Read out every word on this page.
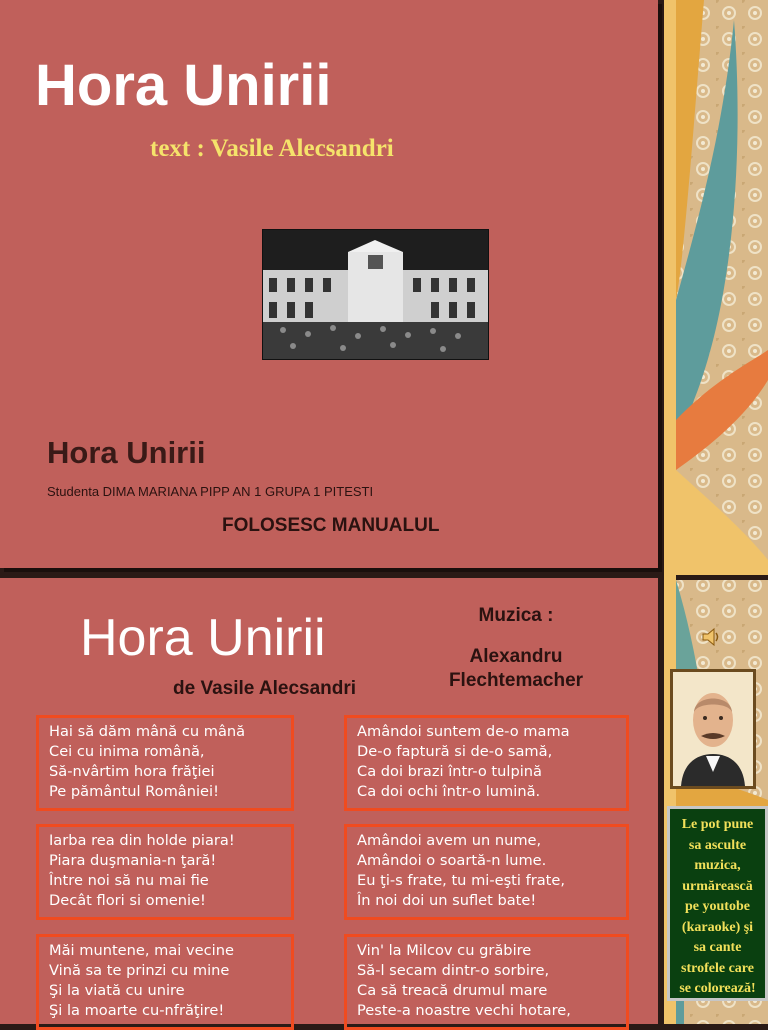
Hora Unirii
text : Vasile Alecsandri
Hora Unirii
Studenta DIMA MARIANA PIPP AN 1 GRUPA 1 PITESTI
FOLOSESC MANUALUL
Hora Unirii
de Vasile Alecsandri
Muzica :
Alexandru
Flechtemacher
Hai să dăm mână cu mână
Cei cu inima română,
Să-nvârtim hora frăţiei
Pe pământul României!
Amândoi suntem de-o mama
De-o faptură si de-o samă,
Ca doi brazi într-o tulpină
Ca doi ochi într-o lumină.
Iarba rea din holde piara!
Piara duşmania-n ţară!
Între noi să nu mai fie
Decât flori si omenie!
Amândoi avem un nume,
Amândoi o soartă-n lume.
Eu ţi-s frate, tu mi-eşti frate,
În noi doi un suflet bate!
Măi muntene, mai vecine
Vină sa te prinzi cu mine
Şi la viată cu unire
Şi la moarte cu-nfrăţire!
Vin' la Milcov cu grăbire
Să-l secam dintr-o sorbire,
Ca să treacă drumul mare
Peste-a noastre vechi hotare,
Le pot pune
sa asculte
muzica,
urmărească
pe youtobe
(karaoke) şi
sa cante
strofele care
se colorează!
